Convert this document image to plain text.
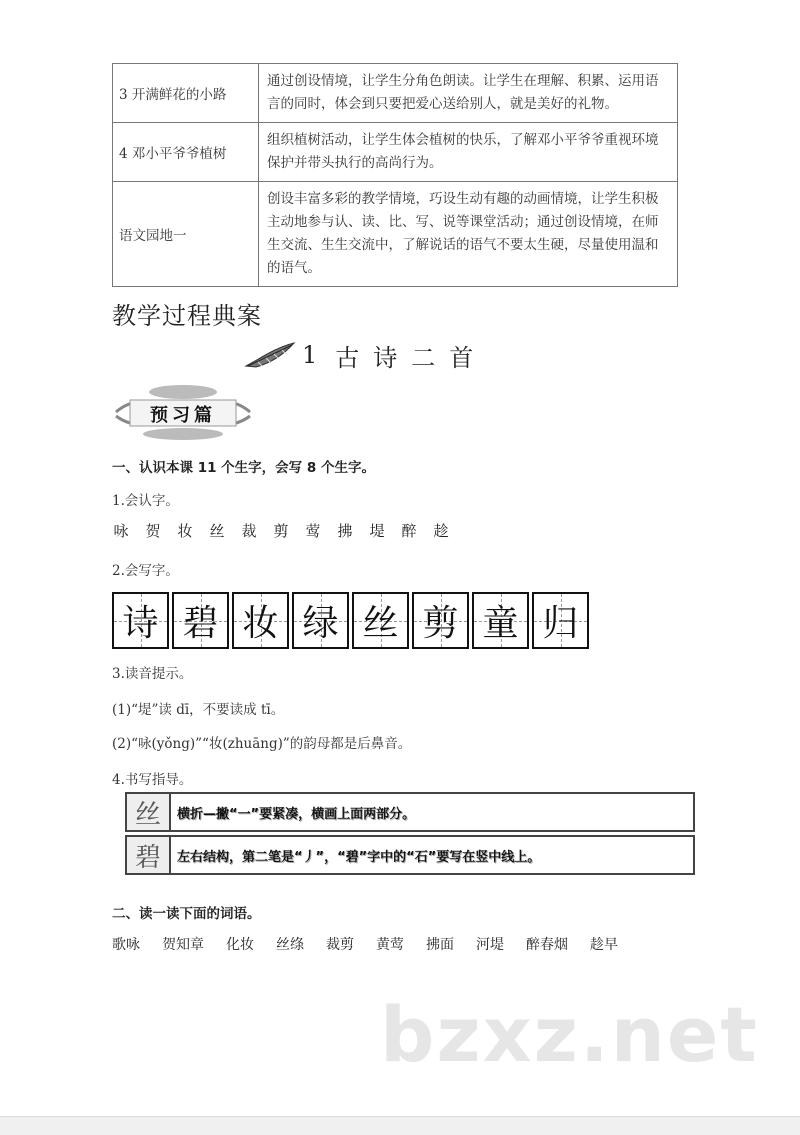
3 开满鲜花的小路	通过创设情境，让学生分角色朗读。让学生在理解、积累、运用语言的同时，体会到只要把爱心送给别人，就是美好的礼物。
4 邓小平爷爷植树	组织植树活动，让学生体会植树的快乐，了解邓小平爷爷重视环境保护并带头执行的高尚行为。
语文园地一	创设丰富多彩的教学情境，巧设生动有趣的动画情境，让学生积极主动地参与认、读、比、写、说等课堂活动；通过创设情境，在师生交流、生生交流中，了解说话的语气不要太生硬，尽量使用温和的语气。
教学过程典案
1 古诗二首
预习篇
一、认识本课 11 个生字，会写 8 个生字。
1.会认字。
咏 贺 妆 丝 裁 剪 莺 拂 堤 醉 趁
2.会写字。
诗 碧 妆 绿 丝 剪 童 归
3.读音提示。
(1)“堤”读 dī，不要读成 tī。
(2)“咏(yǒng)”“妆(zhuāng)”的韵母都是后鼻音。
4.书写指导。
丝	横折—撇“一”要紧凑，横画上面两部分。
碧	左右结构，第二笔是“丿”，“碧”字中的“石”要写在竖中线上。
二、读一读下面的词语。
歌咏 贺知章 化妆 丝绦 裁剪 黄莺 拂面 河堤 醉春烟 趁早
bzxz.net
